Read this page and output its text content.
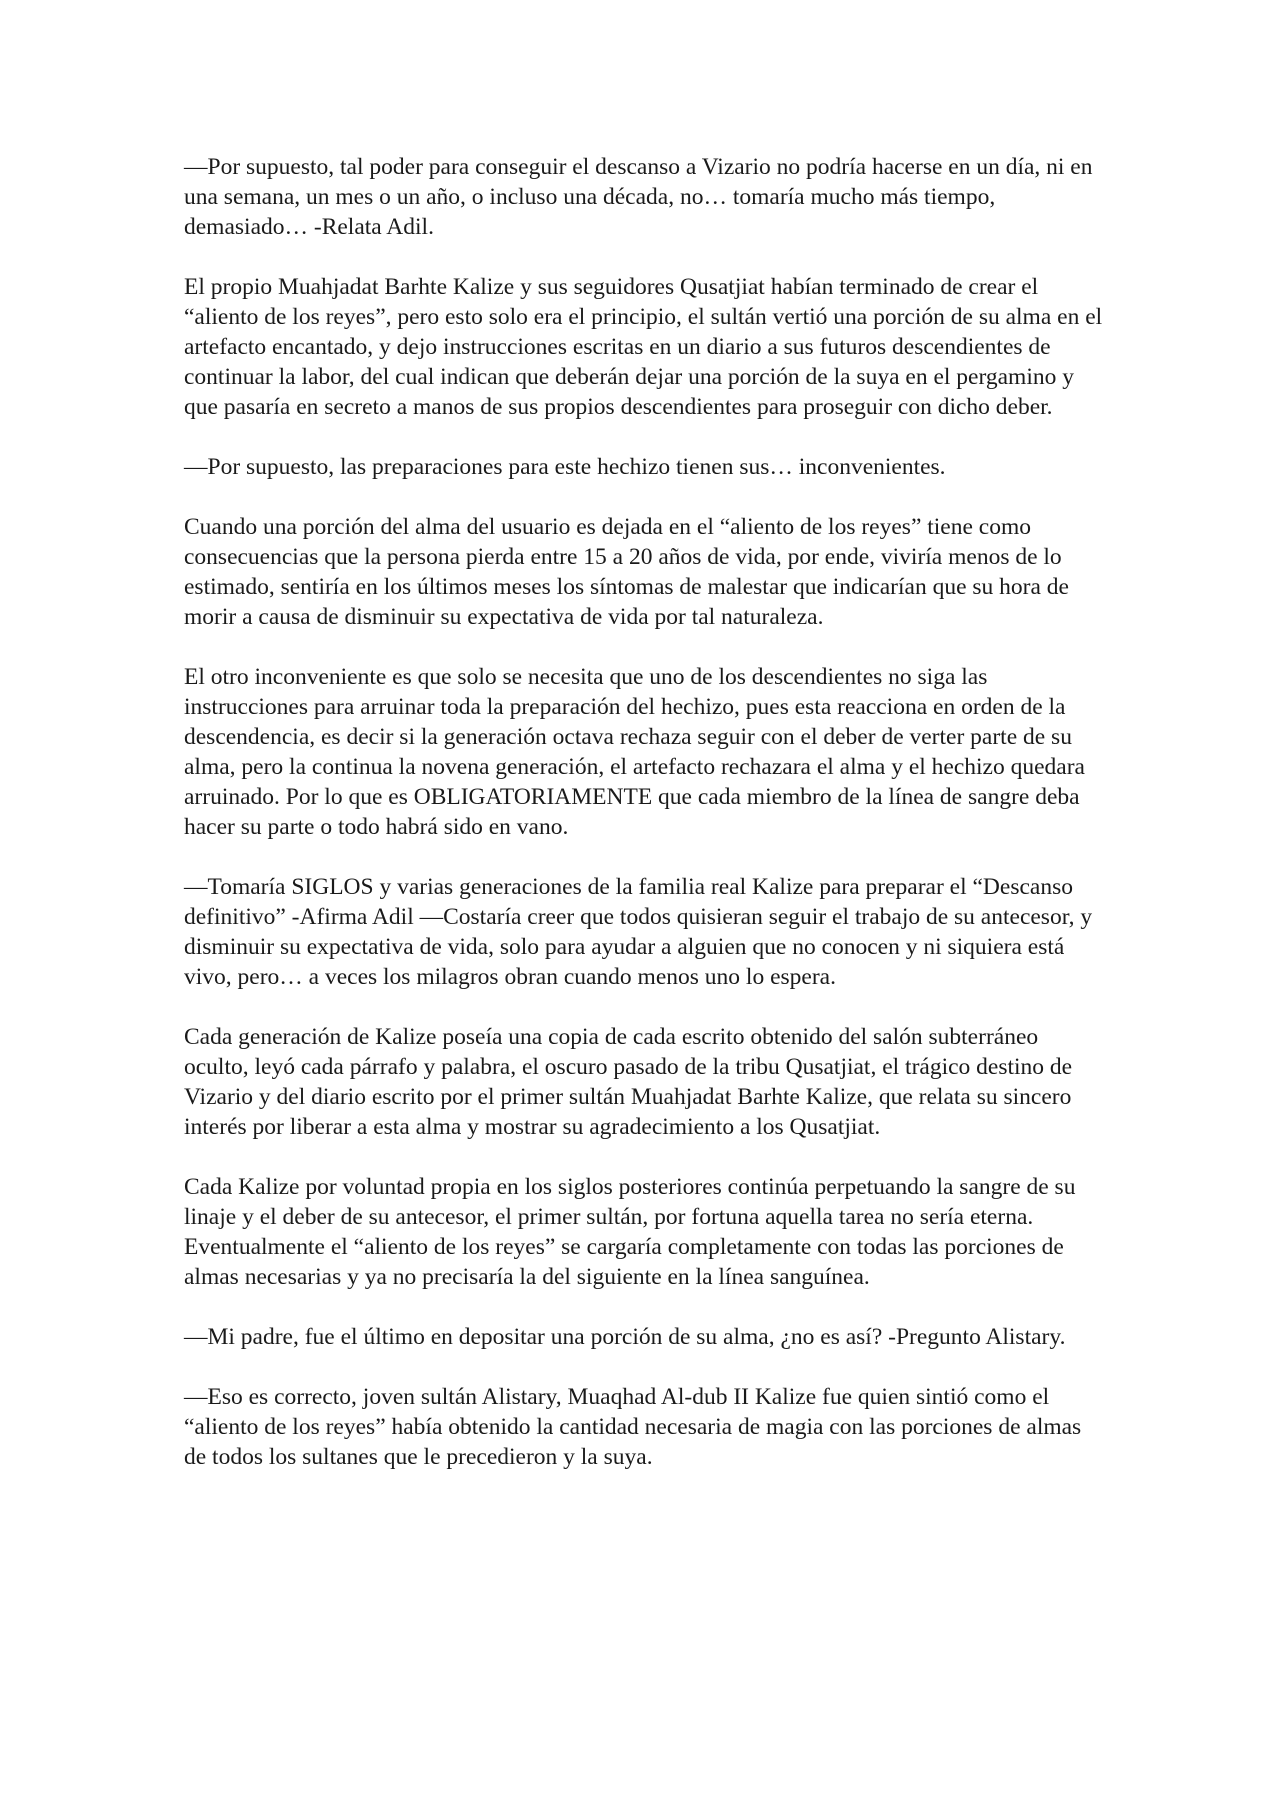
—Por supuesto, tal poder para conseguir el descanso a Vizario no podría hacerse en un día, ni en una semana, un mes o un año, o incluso una década, no… tomaría mucho más tiempo, demasiado… -Relata Adil.

El propio Muahjadat Barhte Kalize y sus seguidores Qusatjiat habían terminado de crear el “aliento de los reyes”, pero esto solo era el principio, el sultán vertió una porción de su alma en el artefacto encantado, y dejo instrucciones escritas en un diario a sus futuros descendientes de continuar la labor, del cual indican que deberán dejar una porción de la suya en el pergamino y que pasaría en secreto a manos de sus propios descendientes para proseguir con dicho deber.

—Por supuesto, las preparaciones para este hechizo tienen sus… inconvenientes.

Cuando una porción del alma del usuario es dejada en el “aliento de los reyes” tiene como consecuencias que la persona pierda entre 15 a 20 años de vida, por ende, viviría menos de lo estimado, sentiría en los últimos meses los síntomas de malestar que indicarían que su hora de morir a causa de disminuir su expectativa de vida por tal naturaleza.

El otro inconveniente es que solo se necesita que uno de los descendientes no siga las instrucciones para arruinar toda la preparación del hechizo, pues esta reacciona en orden de la descendencia, es decir si la generación octava rechaza seguir con el deber de verter parte de su alma, pero la continua la novena generación, el artefacto rechazara el alma y el hechizo quedara arruinado. Por lo que es OBLIGATORIAMENTE que cada miembro de la línea de sangre deba hacer su parte o todo habrá sido en vano.

—Tomaría SIGLOS y varias generaciones de la familia real Kalize para preparar el “Descanso definitivo” -Afirma Adil —Costaría creer que todos quisieran seguir el trabajo de su antecesor, y disminuir su expectativa de vida, solo para ayudar a alguien que no conocen y ni siquiera está vivo, pero… a veces los milagros obran cuando menos uno lo espera.

Cada generación de Kalize poseía una copia de cada escrito obtenido del salón subterráneo oculto, leyó cada párrafo y palabra, el oscuro pasado de la tribu Qusatjiat, el trágico destino de Vizario y del diario escrito por el primer sultán Muahjadat Barhte Kalize, que relata su sincero interés por liberar a esta alma y mostrar su agradecimiento a los Qusatjiat.

Cada Kalize por voluntad propia en los siglos posteriores continúa perpetuando la sangre de su linaje y el deber de su antecesor, el primer sultán, por fortuna aquella tarea no sería eterna. Eventualmente el “aliento de los reyes” se cargaría completamente con todas las porciones de almas necesarias y ya no precisaría la del siguiente en la línea sanguínea.

—Mi padre, fue el último en depositar una porción de su alma, ¿no es así? -Pregunto Alistary.

—Eso es correcto, joven sultán Alistary, Muaqhad Al-dub II Kalize fue quien sintió como el “aliento de los reyes” había obtenido la cantidad necesaria de magia con las porciones de almas de todos los sultanes que le precedieron y la suya.
